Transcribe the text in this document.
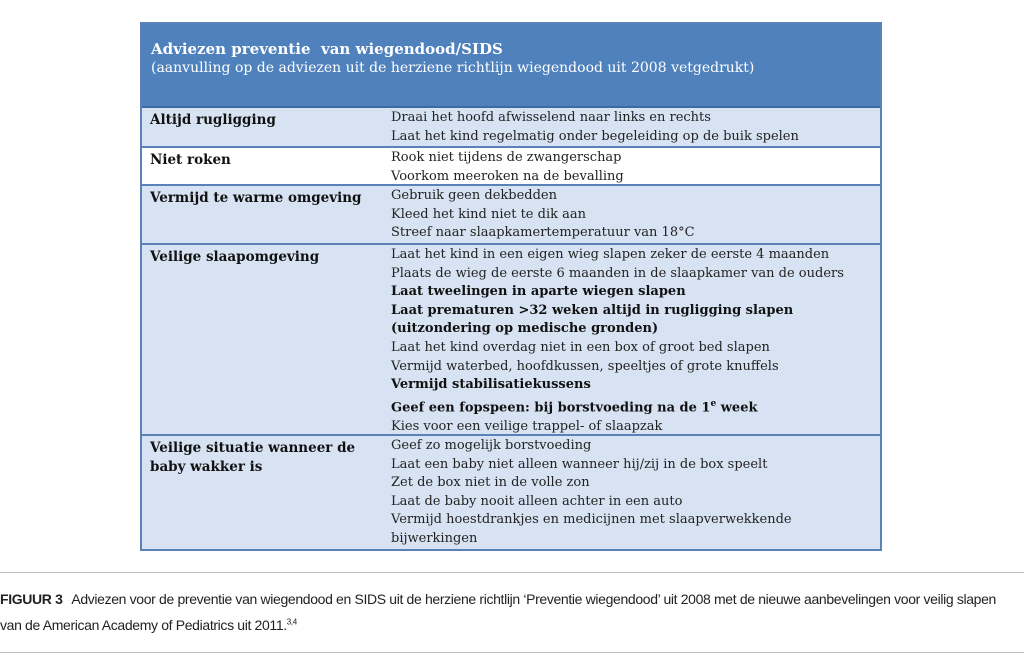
Adviezen preventie  van wiegendood/SIDS
(aanvulling op de adviezen uit de herziene richtlijn wiegendood uit 2008 vetgedrukt)
Altijd rugligging	Draai het hoofd afwisselend naar links en rechts
Laat het kind regelmatig onder begeleiding op de buik spelen
Niet roken	Rook niet tijdens de zwangerschap
Voorkom meeroken na de bevalling
Vermijd te warme omgeving	Gebruik geen dekbedden
Kleed het kind niet te dik aan
Streef naar slaapkamertemperatuur van 18°C
Veilige slaapomgeving	Laat het kind in een eigen wieg slapen zeker de eerste 4 maanden
Plaats de wieg de eerste 6 maanden in de slaapkamer van de ouders
Laat tweelingen in aparte wiegen slapen
Laat prematuren >32 weken altijd in rugligging slapen
(uitzondering op medische gronden)
Laat het kind overdag niet in een box of groot bed slapen
Vermijd waterbed, hoofdkussen, speeltjes of grote knuffels
Vermijd stabilisatiekussens
Geef een fopspeen: bij borstvoeding na de 1e week
Kies voor een veilige trappel- of slaapzak
Veilige situatie wanneer de baby wakker is
Geef zo mogelijk borstvoeding
Laat een baby niet alleen wanneer hij/zij in de box speelt
Zet de box niet in de volle zon
Laat de baby nooit alleen achter in een auto
Vermijd hoestdrankjes en medicijnen met slaapverwekkende
bijwerkingen
FIGUUR 3 Adviezen voor de preventie van wiegendood en SIDS uit de herziene richtlijn ‘Preventie wiegendood’ uit 2008 met de nieuwe aanbevelingen voor veilig slapen van de American Academy of Pediatrics uit 2011.$^{3,4}$
